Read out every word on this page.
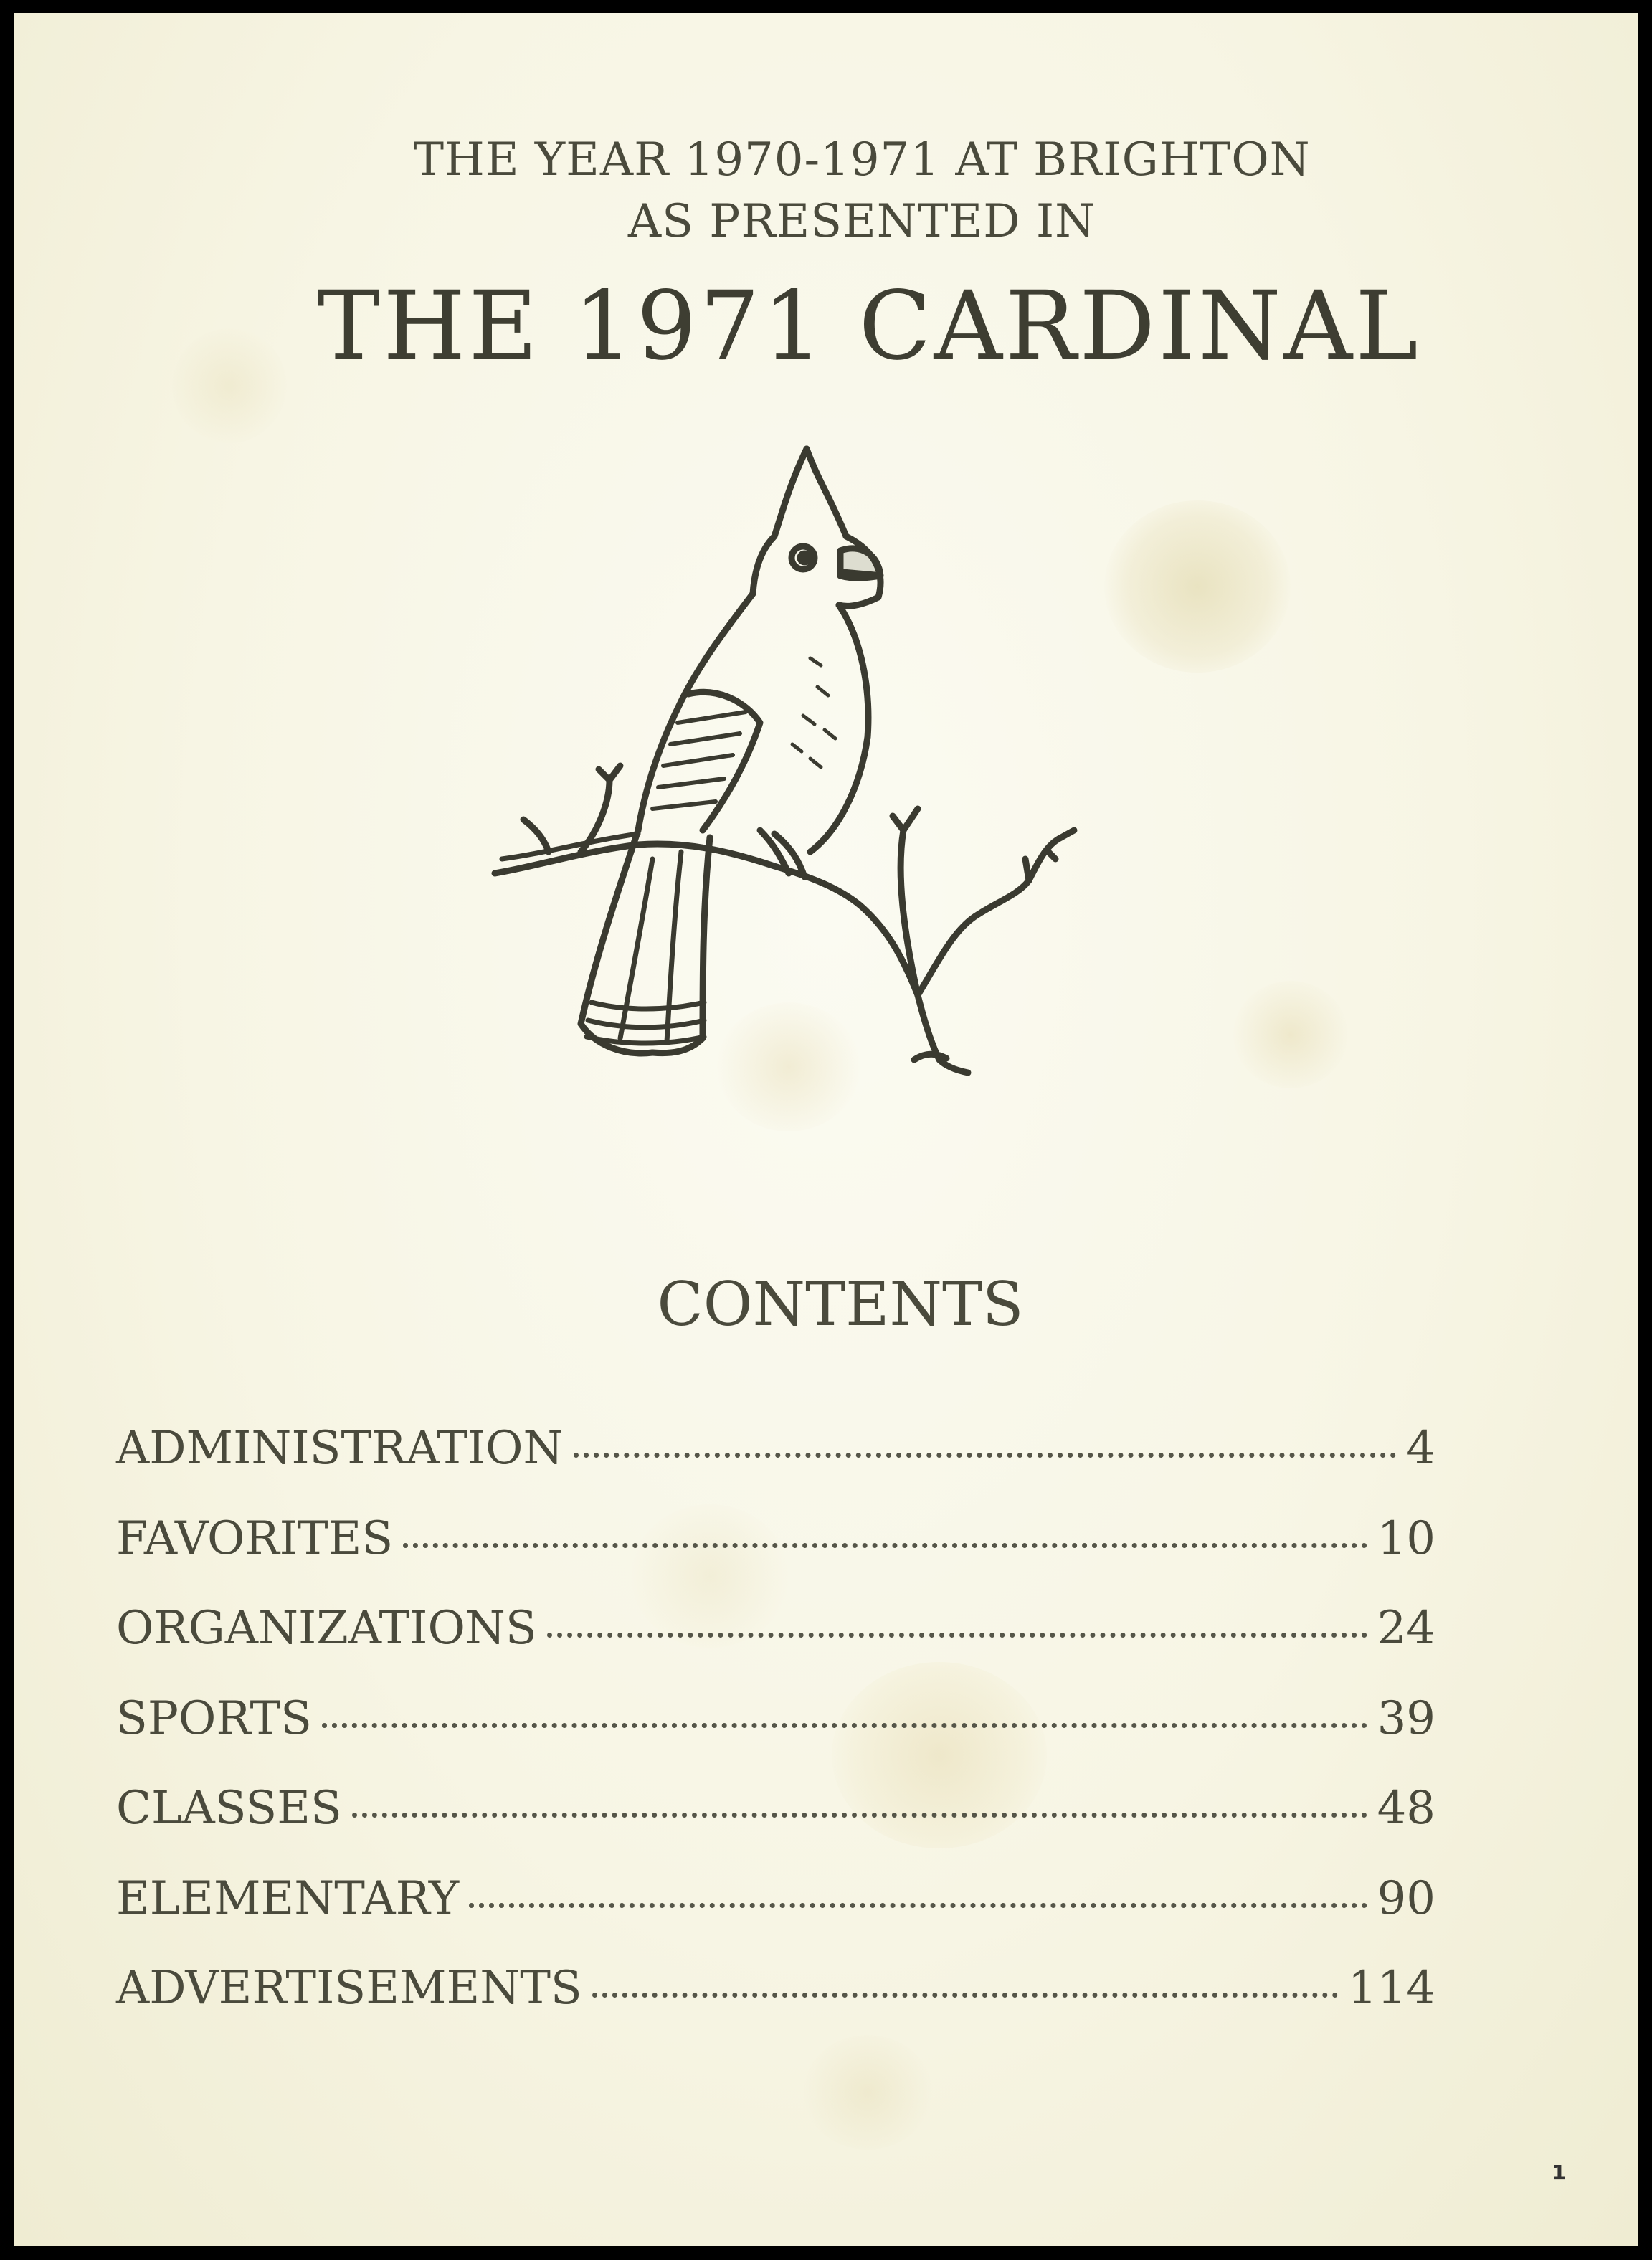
THE YEAR 1970-1971 AT BRIGHTON
AS PRESENTED IN
THE 1971 CARDINAL
CONTENTS
ADMINISTRATION	4
FAVORITES	10
ORGANIZATIONS	24
SPORTS	39
CLASSES	48
ELEMENTARY	90
ADVERTISEMENTS	114
1
